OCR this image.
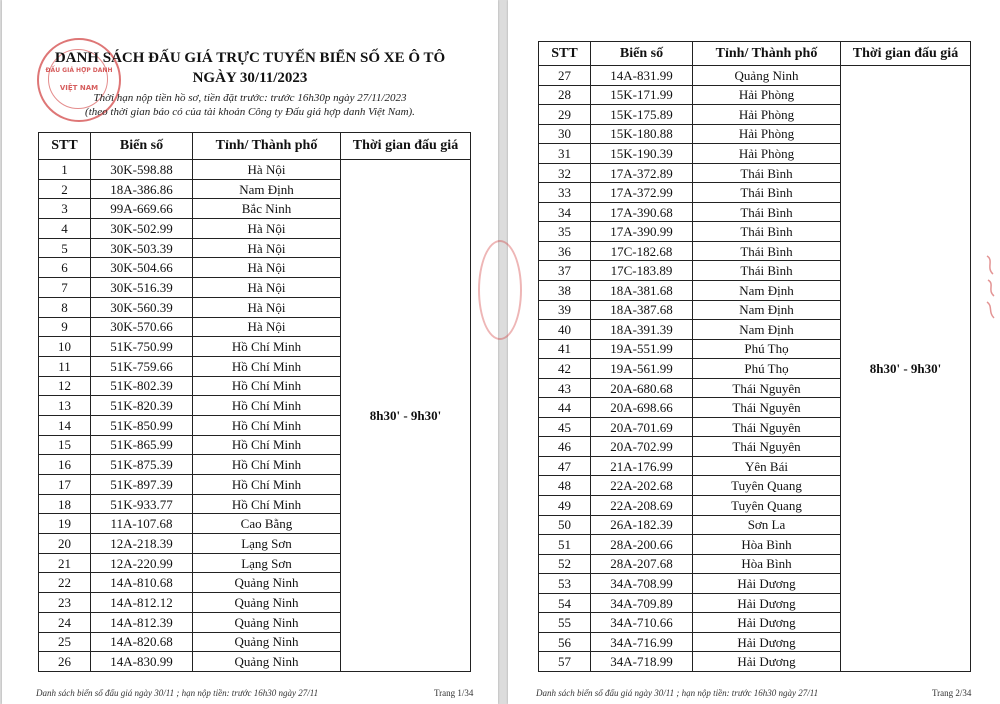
ĐẤU GIÁ HỢP DANH
VIỆT NAM
DANH SÁCH ĐẤU GIÁ TRỰC TUYẾN BIỂN SỐ XE Ô TÔ
NGÀY 30/11/2023
Thời hạn nộp tiền hồ sơ, tiền đặt trước: trước 16h30p ngày 27/11/2023
(theo thời gian báo có của tài khoản Công ty Đấu giá hợp danh Việt Nam).
STT	Biển số	Tỉnh/ Thành phố	Thời gian đấu giá
1	30K-598.88	Hà Nội	8h30' - 9h30'
2	18A-386.86	Nam Định	
3	99A-669.66	Bắc Ninh	
4	30K-502.99	Hà Nội	
5	30K-503.39	Hà Nội	
6	30K-504.66	Hà Nội	
7	30K-516.39	Hà Nội	
8	30K-560.39	Hà Nội	
9	30K-570.66	Hà Nội	
10	51K-750.99	Hồ Chí Minh	
11	51K-759.66	Hồ Chí Minh	
12	51K-802.39	Hồ Chí Minh	
13	51K-820.39	Hồ Chí Minh	
14	51K-850.99	Hồ Chí Minh	
15	51K-865.99	Hồ Chí Minh	
16	51K-875.39	Hồ Chí Minh	
17	51K-897.39	Hồ Chí Minh	
18	51K-933.77	Hồ Chí Minh	
19	11A-107.68	Cao Bằng	
20	12A-218.39	Lạng Sơn	
21	12A-220.99	Lạng Sơn	
22	14A-810.68	Quảng Ninh	
23	14A-812.12	Quảng Ninh	
24	14A-812.39	Quảng Ninh	
25	14A-820.68	Quảng Ninh	
26	14A-830.99	Quảng Ninh	
Danh sách biển số đấu giá ngày 30/11 ; hạn nộp tiền: trước 16h30 ngày 27/11	Trang 1/34
STT	Biển số	Tỉnh/ Thành phố	Thời gian đấu giá
27	14A-831.99	Quảng Ninh	8h30' - 9h30'
28	15K-171.99	Hải Phòng	
29	15K-175.89	Hải Phòng	
30	15K-180.88	Hải Phòng	
31	15K-190.39	Hải Phòng	
32	17A-372.89	Thái Bình	
33	17A-372.99	Thái Bình	
34	17A-390.68	Thái Bình	
35	17A-390.99	Thái Bình	
36	17C-182.68	Thái Bình	
37	17C-183.89	Thái Bình	
38	18A-381.68	Nam Định	
39	18A-387.68	Nam Định	
40	18A-391.39	Nam Định	
41	19A-551.99	Phú Thọ	
42	19A-561.99	Phú Thọ	
43	20A-680.68	Thái Nguyên	
44	20A-698.66	Thái Nguyên	
45	20A-701.69	Thái Nguyên	
46	20A-702.99	Thái Nguyên	
47	21A-176.99	Yên Bái	
48	22A-202.68	Tuyên Quang	
49	22A-208.69	Tuyên Quang	
50	26A-182.39	Sơn La	
51	28A-200.66	Hòa Bình	
52	28A-207.68	Hòa Bình	
53	34A-708.99	Hải Dương	
54	34A-709.89	Hải Dương	
55	34A-710.66	Hải Dương	
56	34A-716.99	Hải Dương	
57	34A-718.99	Hải Dương	
Danh sách biển số đấu giá ngày 30/11 ; hạn nộp tiền: trước 16h30 ngày 27/11	Trang 2/34
